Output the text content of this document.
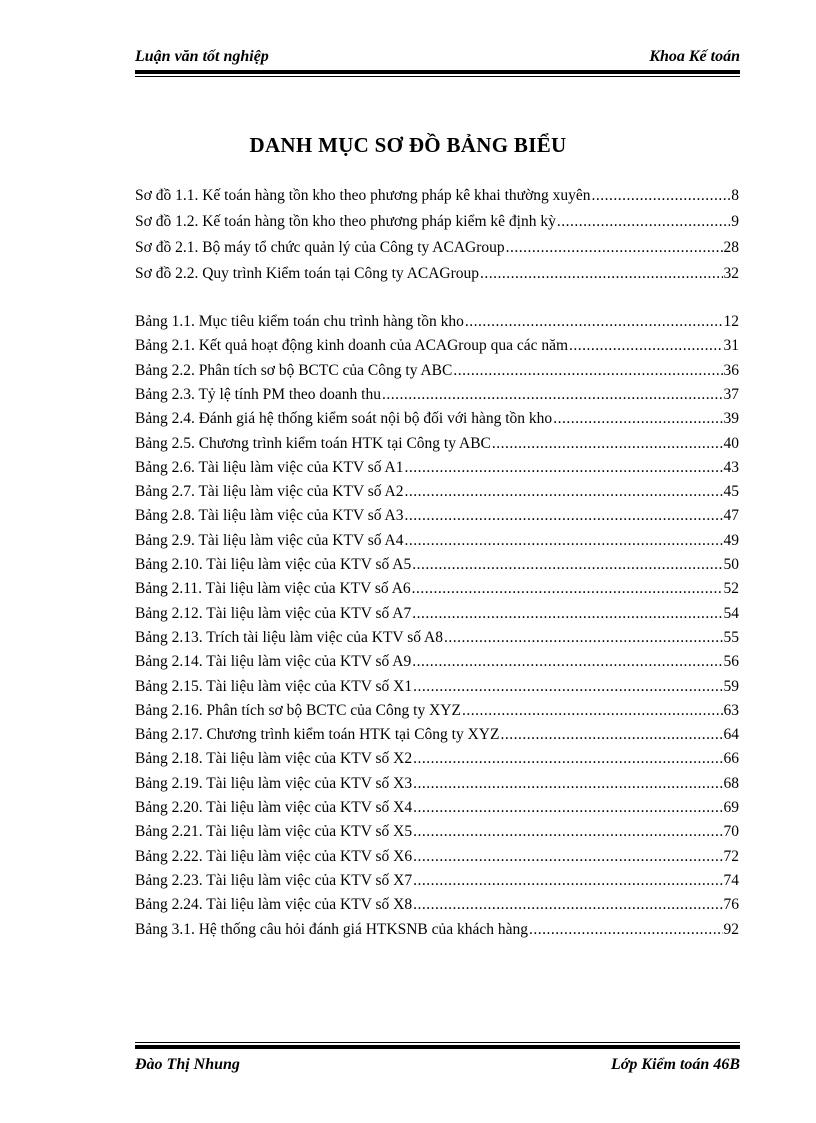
Luận văn tốt nghiệp	Khoa Kế toán
DANH MỤC SƠ ĐỒ BẢNG BIỂU
Sơ đồ 1.1. Kế toán hàng tồn kho theo phương pháp kê khai thường xuyên .....	8
Sơ đồ 1.2. Kế toán hàng tồn kho theo phương pháp kiểm kê định kỳ .....	9
Sơ đồ 2.1. Bộ máy tổ chức quản lý của Công ty ACAGroup .....	28
Sơ đồ 2.2. Quy trình Kiểm toán tại Công ty ACAGroup .....	32
Bảng 1.1. Mục tiêu kiểm toán chu trình hàng tồn kho .....	12
Bảng 2.1. Kết quả hoạt động kinh doanh của ACAGroup qua các năm .....	31
Bảng 2.2. Phân tích sơ bộ BCTC của Công ty ABC .....	36
Bảng 2.3. Tỷ lệ tính PM theo doanh thu .....	37
Bảng 2.4. Đánh giá hệ thống kiểm soát nội bộ đối với hàng tồn kho .....	39
Bảng 2.5. Chương trình kiểm toán HTK tại Công ty ABC .....	40
Bảng 2.6. Tài liệu làm việc của KTV số A1 .....	43
Bảng 2.7. Tài liệu làm việc của KTV số A2 .....	45
Bảng 2.8. Tài liệu làm việc của KTV số A3 .....	47
Bảng 2.9. Tài liệu làm việc của KTV số A4 .....	49
Bảng 2.10. Tài liệu làm việc của KTV số A5 .....	50
Bảng 2.11. Tài liệu làm việc của KTV số A6 .....	52
Bảng 2.12. Tài liệu làm việc của KTV số A7 .....	54
Bảng 2.13. Trích tài liệu làm việc của KTV số A8 .....	55
Bảng 2.14. Tài liệu làm việc của KTV số A9 .....	56
Bảng 2.15. Tài liệu làm việc của KTV số X1 .....	59
Bảng 2.16. Phân tích sơ bộ BCTC của Công ty XYZ .....	63
Bảng 2.17. Chương trình kiểm toán HTK tại Công ty XYZ .....	64
Bảng 2.18. Tài liệu làm việc của KTV số X2 .....	66
Bảng 2.19. Tài liệu làm việc của KTV số X3 .....	68
Bảng 2.20. Tài liệu làm việc của KTV số X4 .....	69
Bảng 2.21. Tài liệu làm việc của KTV số X5 .....	70
Bảng 2.22. Tài liệu làm việc của KTV số X6 .....	72
Bảng 2.23. Tài liệu làm việc của KTV số X7 .....	74
Bảng 2.24. Tài liệu làm việc của KTV số X8 .....	76
Bảng 3.1. Hệ thống câu hỏi đánh giá HTKSNB của khách hàng .....	92
Đào Thị Nhung	Lớp Kiểm toán 46B
